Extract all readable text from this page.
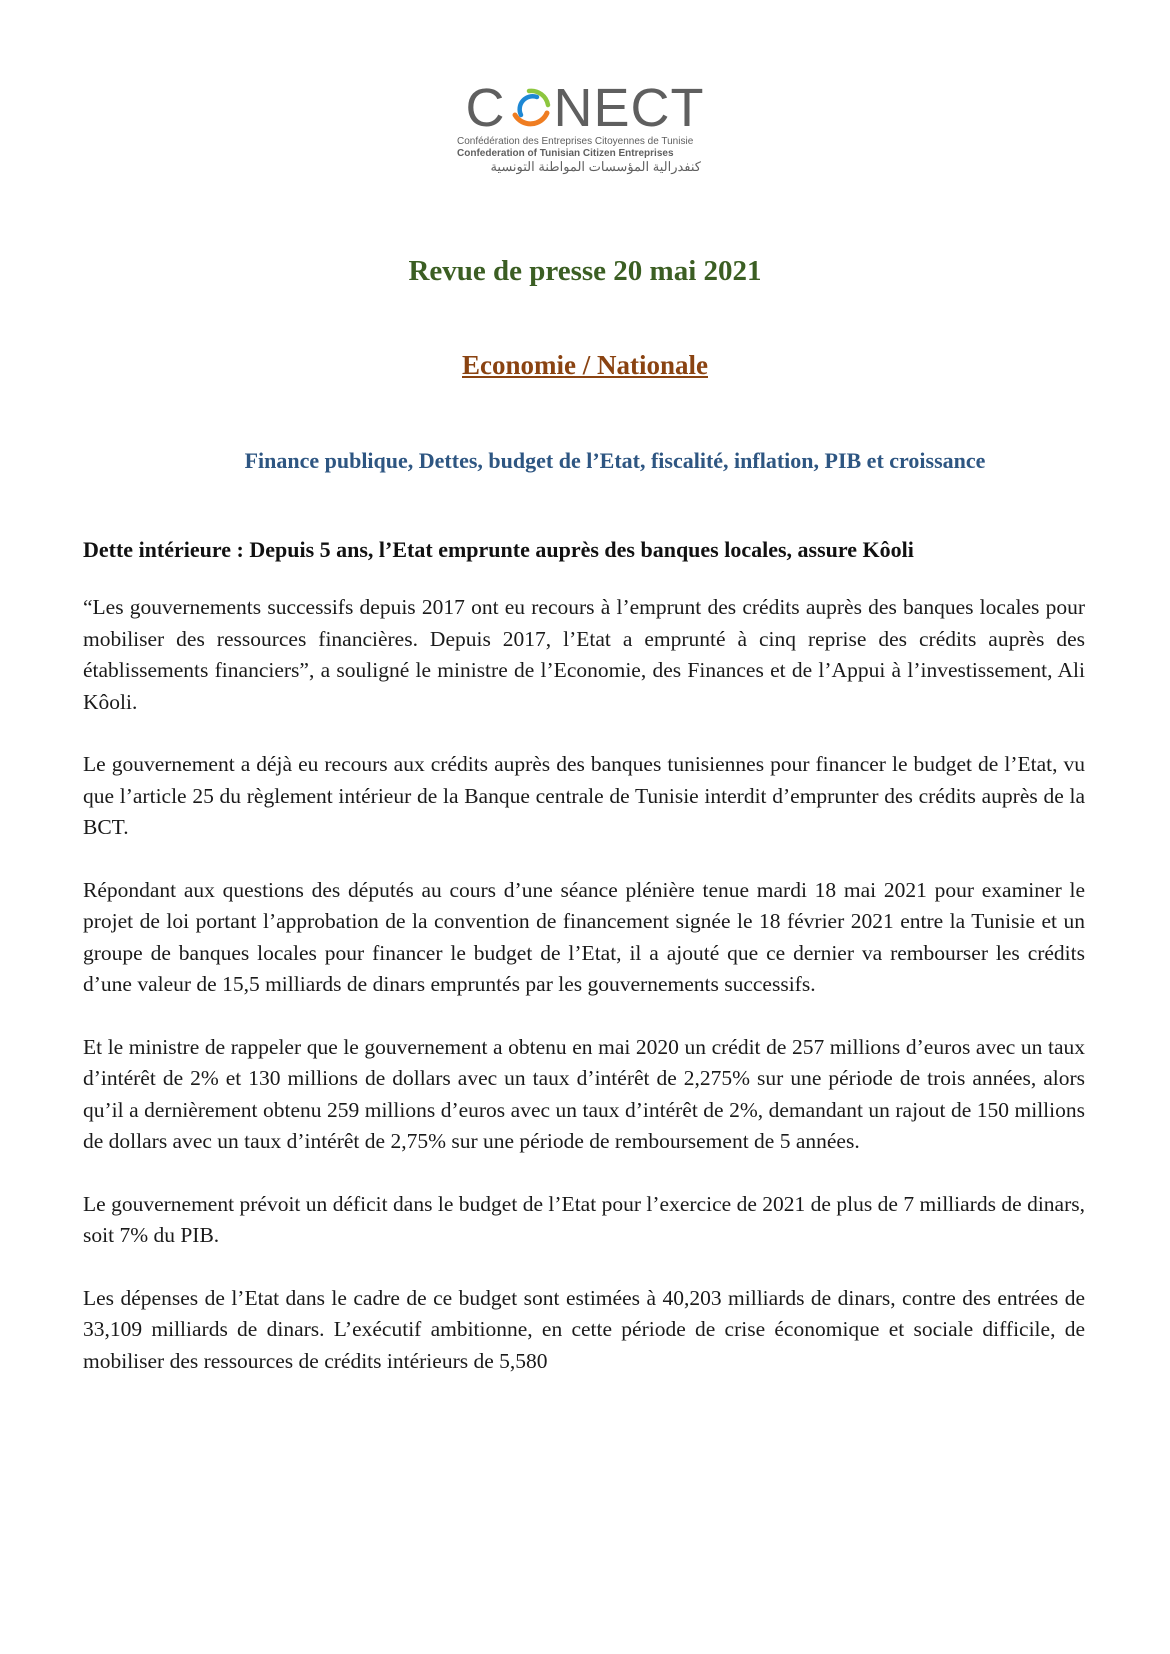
C NECT
Confédération des Entreprises Citoyennes de Tunisie
Confederation of Tunisian Citizen Entreprises
كنفدرالية المؤسسات المواطنة التونسية
Revue de presse 20 mai 2021
Economie / Nationale
Finance publique, Dettes, budget de l’Etat, fiscalité, inflation, PIB et croissance
Dette intérieure : Depuis 5 ans, l’Etat emprunte auprès des banques locales, assure Kôoli

“Les gouvernements successifs depuis 2017 ont eu recours à l’emprunt des crédits auprès des banques locales pour mobiliser des ressources financières. Depuis 2017, l’Etat a emprunté à cinq reprise des crédits auprès des établissements financiers”, a souligné le ministre de l’Economie, des Finances et de l’Appui à l’investissement, Ali Kôoli.

Le gouvernement a déjà eu recours aux crédits auprès des banques tunisiennes pour financer le budget de l’Etat, vu que l’article 25 du règlement intérieur de la Banque centrale de Tunisie interdit d’emprunter des crédits auprès de la BCT.

Répondant aux questions des députés au cours d’une séance plénière tenue mardi 18 mai 2021 pour examiner le projet de loi portant l’approbation de la convention de financement signée le 18 février 2021 entre la Tunisie et un groupe de banques locales pour financer le budget de l’Etat, il a ajouté que ce dernier va rembourser les crédits d’une valeur de 15,5 milliards de dinars empruntés par les gouvernements successifs.

Et le ministre de rappeler que le gouvernement a obtenu en mai 2020 un crédit de 257 millions d’euros avec un taux d’intérêt de 2% et 130 millions de dollars avec un taux d’intérêt de 2,275% sur une période de trois années, alors qu’il a dernièrement obtenu 259 millions d’euros avec un taux d’intérêt de 2%, demandant un rajout de 150 millions de dollars avec un taux d’intérêt de 2,75% sur une période de remboursement de 5 années.

Le gouvernement prévoit un déficit dans le budget de l’Etat pour l’exercice de 2021 de plus de 7 milliards de dinars, soit 7% du PIB.

Les dépenses de l’Etat dans le cadre de ce budget sont estimées à 40,203 milliards de dinars, contre des entrées de 33,109 milliards de dinars. L’exécutif ambitionne, en cette période de crise économique et sociale difficile, de mobiliser des ressources de crédits intérieurs de 5,580
